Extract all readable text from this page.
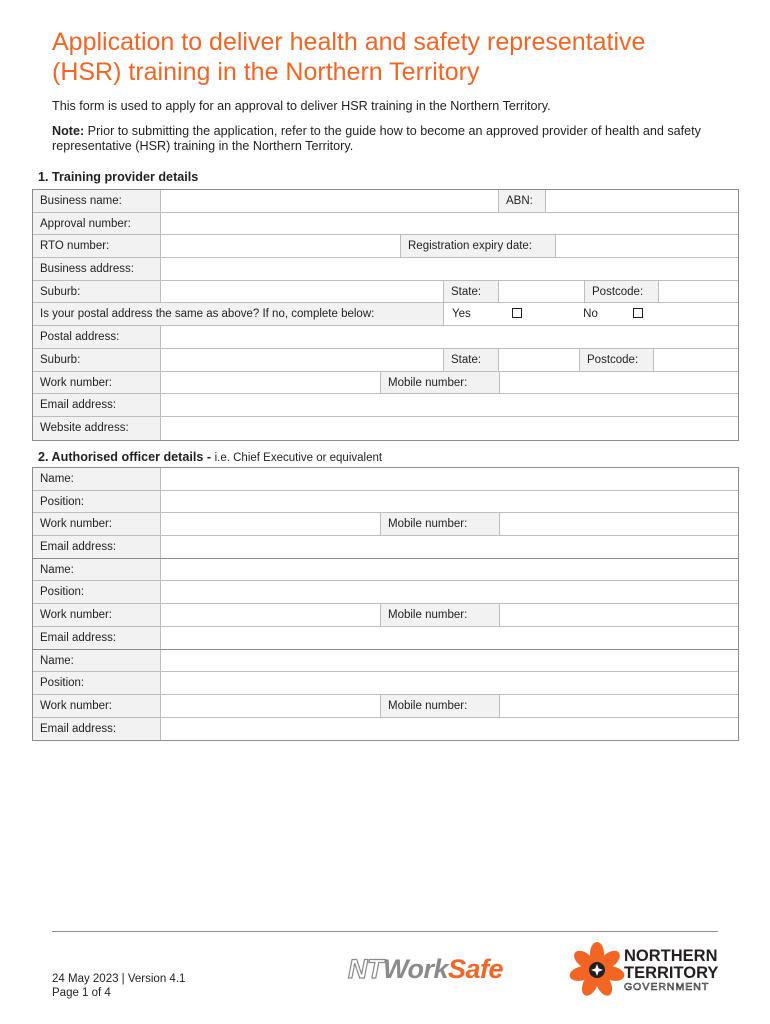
Application to deliver health and safety representative
(HSR) training in the Northern Territory

This form is used to apply for an approval to deliver HSR training in the Northern Territory.

Note: Prior to submitting the application, refer to the guide how to become an approved provider of health and safety representative (HSR) training in the Northern Territory.

1. Training provider details
Business name:	ABN:
Approval number:
RTO number:	Registration expiry date:
Business address:
Suburb:	State:	Postcode:
Is your postal address the same as above? If no, complete below:	Yes	No
Postal address:
Suburb:	State:	Postcode:
Work number:	Mobile number:
Email address:
Website address:
2. Authorised officer details - i.e. Chief Executive or equivalent
Name:
Position:
Work number:	Mobile number:
Email address:
Name:
Position:
Work number:	Mobile number:
Email address:
Name:
Position:
Work number:	Mobile number:
Email address:
24 May 2023 | Version 4.1
Page 1 of 4
NTWorkSafe	NORTHERN
TERRITORY
GOVERNMENT
